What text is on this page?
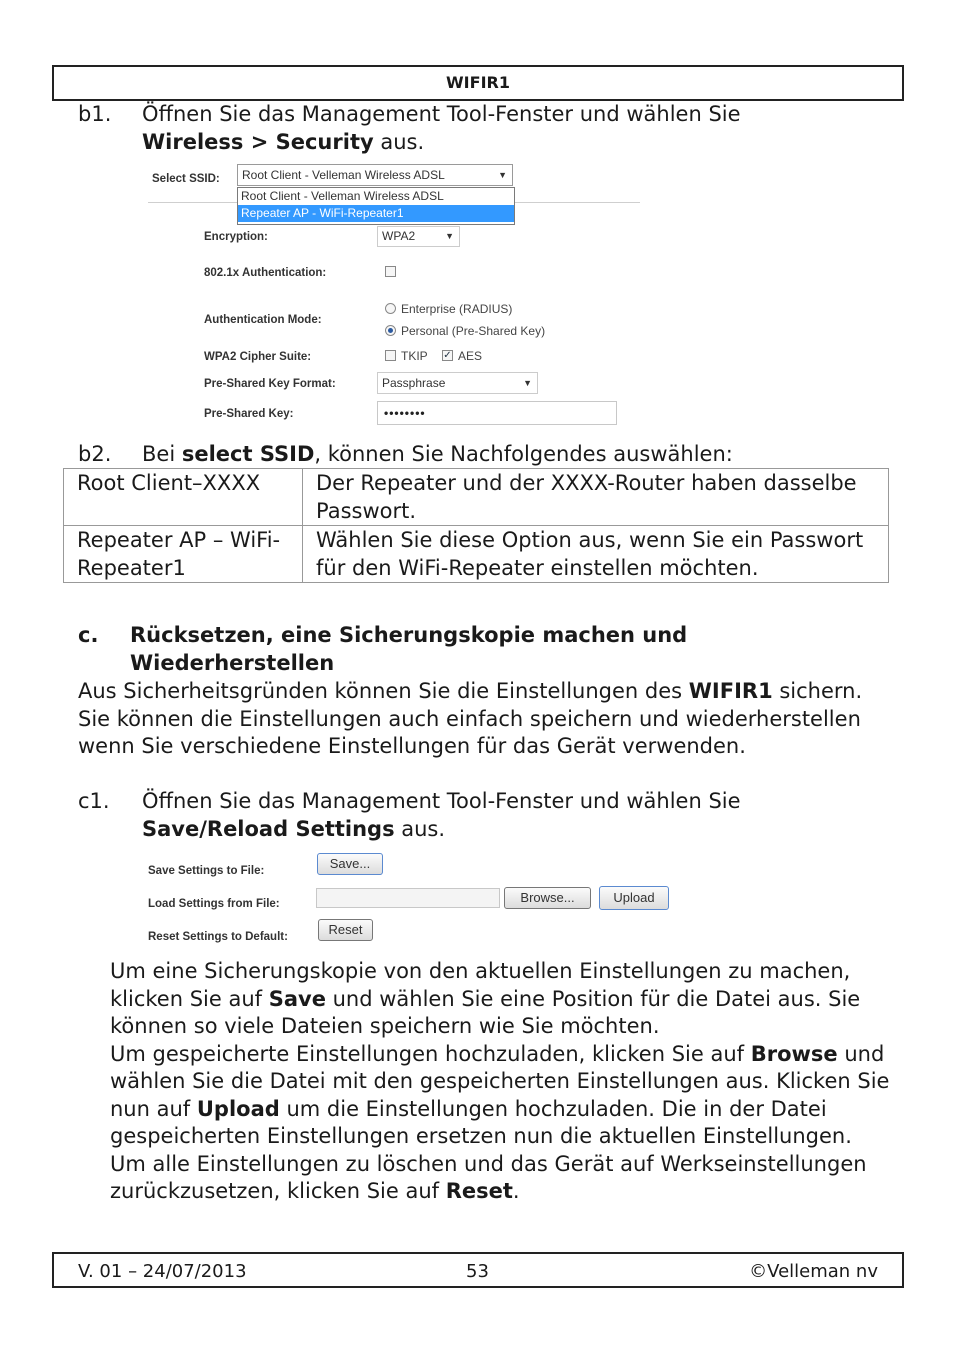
WIFIR1
b1. Öffnen Sie das Management Tool-Fenster und wählen Sie
Wireless > Security aus.
Select SSID:	Root Client - Velleman Wireless ADSL	▼
Root Client - Velleman Wireless ADSL
Repeater AP - WiFi-Repeater1
Encryption:	WPA2	▼
802.1x Authentication:
Authentication Mode:
Enterprise (RADIUS)
Personal (Pre-Shared Key)
WPA2 Cipher Suite:	TKIP ✓ AES
Pre-Shared Key Format:	Passphrase	▼
Pre-Shared Key:	••••••••
b2. Bei select SSID, können Sie Nachfolgendes auswählen:
Root Client–XXXX	Der Repeater und der XXXX-Router haben dasselbe Passwort.
Repeater AP – WiFi-Repeater1	Wählen Sie diese Option aus, wenn Sie ein Passwort für den WiFi-Repeater einstellen möchten.
c. Rücksetzen, eine Sicherungskopie machen und Wiederherstellen
Aus Sicherheitsgründen können Sie die Einstellungen des WIFIR1 sichern. Sie können die Einstellungen auch einfach speichern und wiederherstellen wenn Sie verschiedene Einstellungen für das Gerät verwenden.
c1. Öffnen Sie das Management Tool-Fenster und wählen Sie
Save/Reload Settings aus.
Save Settings to File:	Save...
Load Settings from File:	Browse...	Upload
Reset Settings to Default:	Reset
Um eine Sicherungskopie von den aktuellen Einstellungen zu machen, klicken Sie auf Save und wählen Sie eine Position für die Datei aus. Sie können so viele Dateien speichern wie Sie möchten.
Um gespeicherte Einstellungen hochzuladen, klicken Sie auf Browse und wählen Sie die Datei mit den gespeicherten Einstellungen aus. Klicken Sie nun auf Upload um die Einstellungen hochzuladen. Die in der Datei gespeicherten Einstellungen ersetzen nun die aktuellen Einstellungen.
Um alle Einstellungen zu löschen und das Gerät auf Werkseinstellungen zurückzusetzen, klicken Sie auf Reset.
V. 01 – 24/07/2013	53	©Velleman nv
